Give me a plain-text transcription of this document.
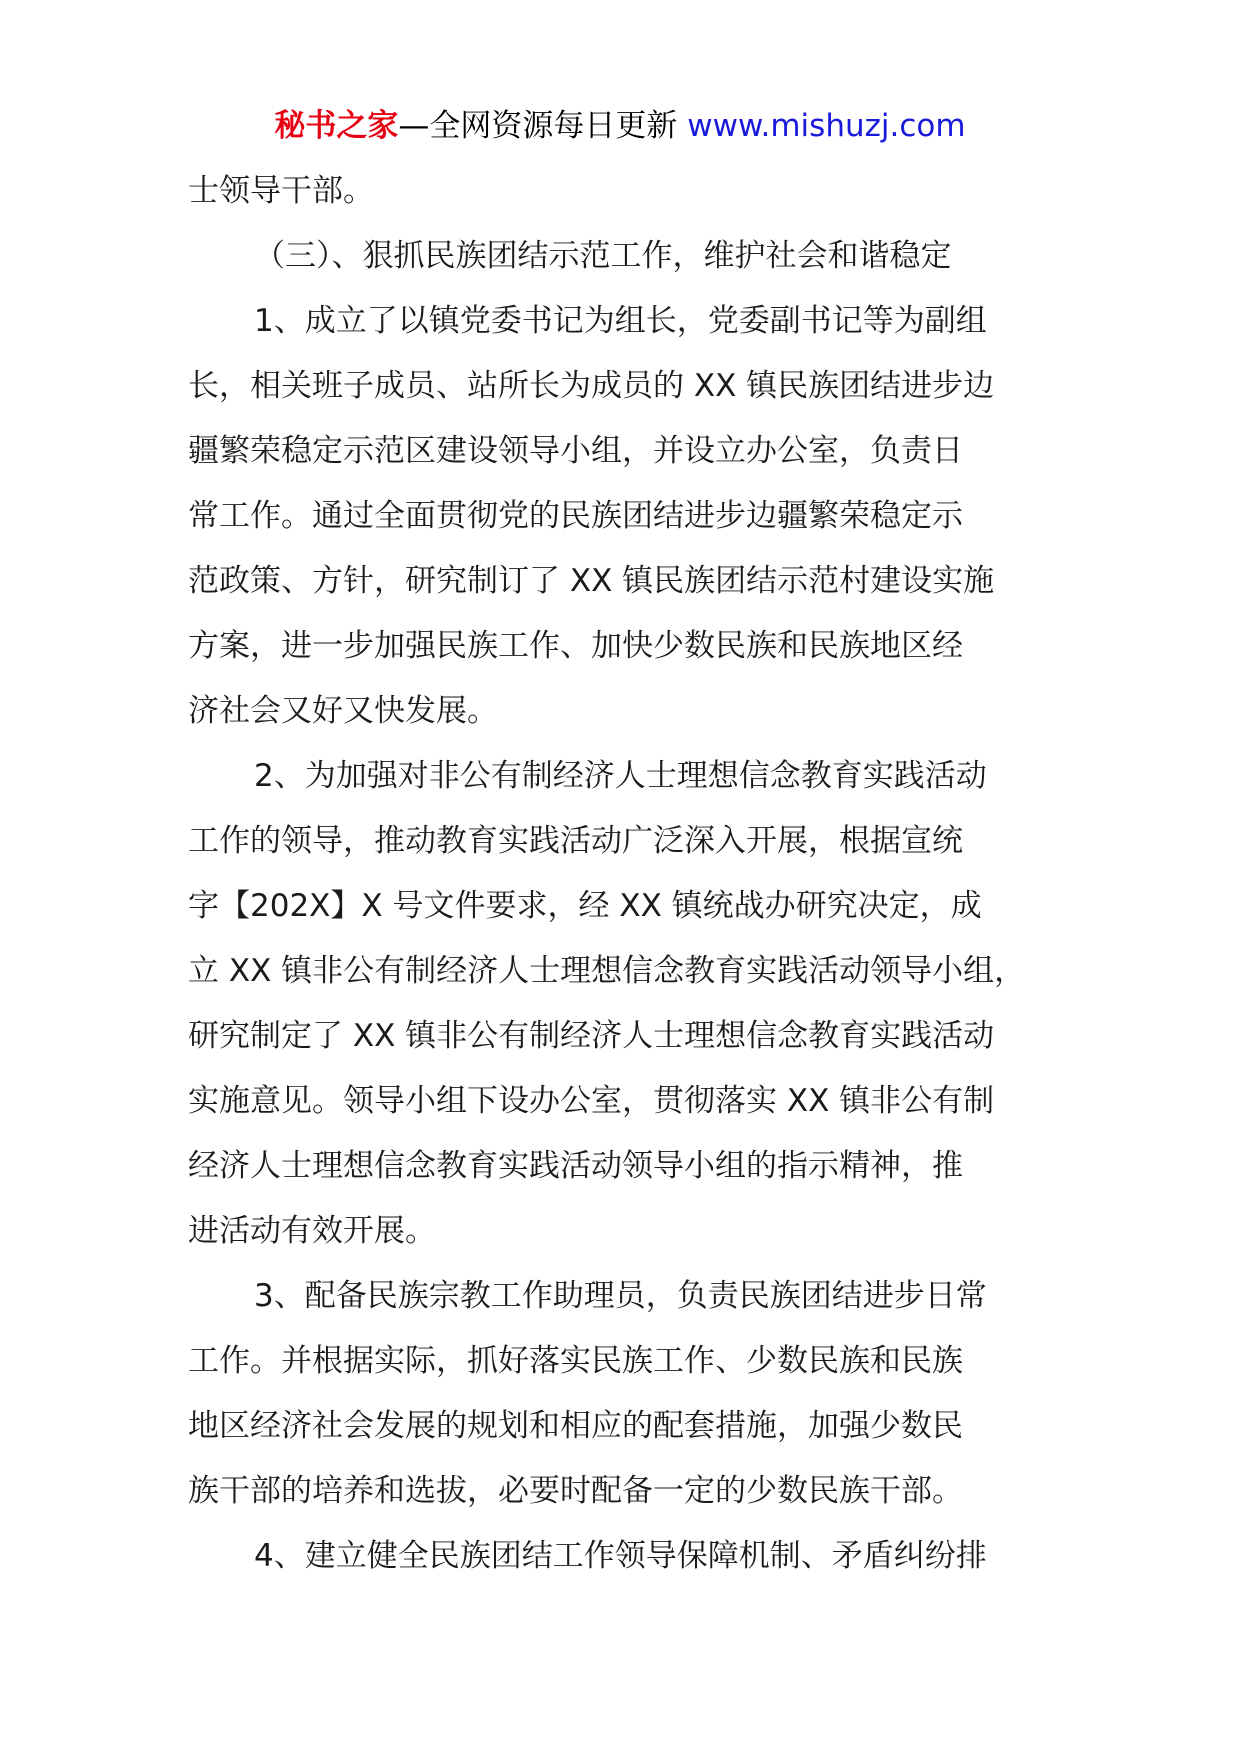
秘书之家—全网资源每日更新 www.mishuzj.com
士领导干部。
（三）、狠抓民族团结示范工作，维护社会和谐稳定
1、成立了以镇党委书记为组长，党委副书记等为副组
长，相关班子成员、站所长为成员的 XX 镇民族团结进步边
疆繁荣稳定示范区建设领导小组，并设立办公室，负责日
常工作。通过全面贯彻党的民族团结进步边疆繁荣稳定示
范政策、方针，研究制订了 XX 镇民族团结示范村建设实施
方案，进一步加强民族工作、加快少数民族和民族地区经
济社会又好又快发展。
2、为加强对非公有制经济人士理想信念教育实践活动
工作的领导，推动教育实践活动广泛深入开展，根据宣统
字【202X】X 号文件要求，经 XX 镇统战办研究决定，成
立 XX 镇非公有制经济人士理想信念教育实践活动领导小组，
研究制定了 XX 镇非公有制经济人士理想信念教育实践活动
实施意见。领导小组下设办公室，贯彻落实 XX 镇非公有制
经济人士理想信念教育实践活动领导小组的指示精神，推
进活动有效开展。
3、配备民族宗教工作助理员，负责民族团结进步日常
工作。并根据实际，抓好落实民族工作、少数民族和民族
地区经济社会发展的规划和相应的配套措施，加强少数民
族干部的培养和选拔，必要时配备一定的少数民族干部。
4、建立健全民族团结工作领导保障机制、矛盾纠纷排
